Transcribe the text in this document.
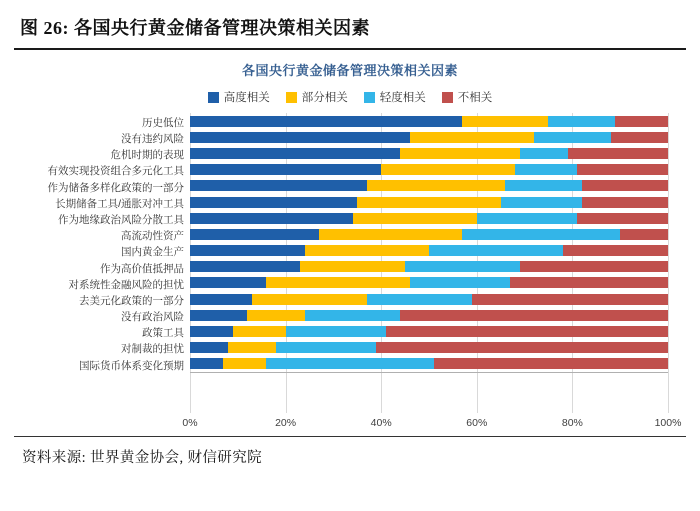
图 26: 各国央行黄金储备管理决策相关因素
各国央行黄金储备管理决策相关因素
高度相关	部分相关	轻度相关	不相关
历史低位
没有违约风险
危机时期的表现
有效实现投资组合多元化工具
作为储备多样化政策的一部分
长期储备工具/通胀对冲工具
作为地缘政治风险分散工具
高流动性资产
国内黄金生产
作为高价值抵押品
对系统性金融风险的担忧
去美元化政策的一部分
没有政治风险
政策工具
对制裁的担忧
国际货币体系变化预期
0%	20%	40%	60%	80%	100%
资料来源: 世界黄金协会, 财信研究院
